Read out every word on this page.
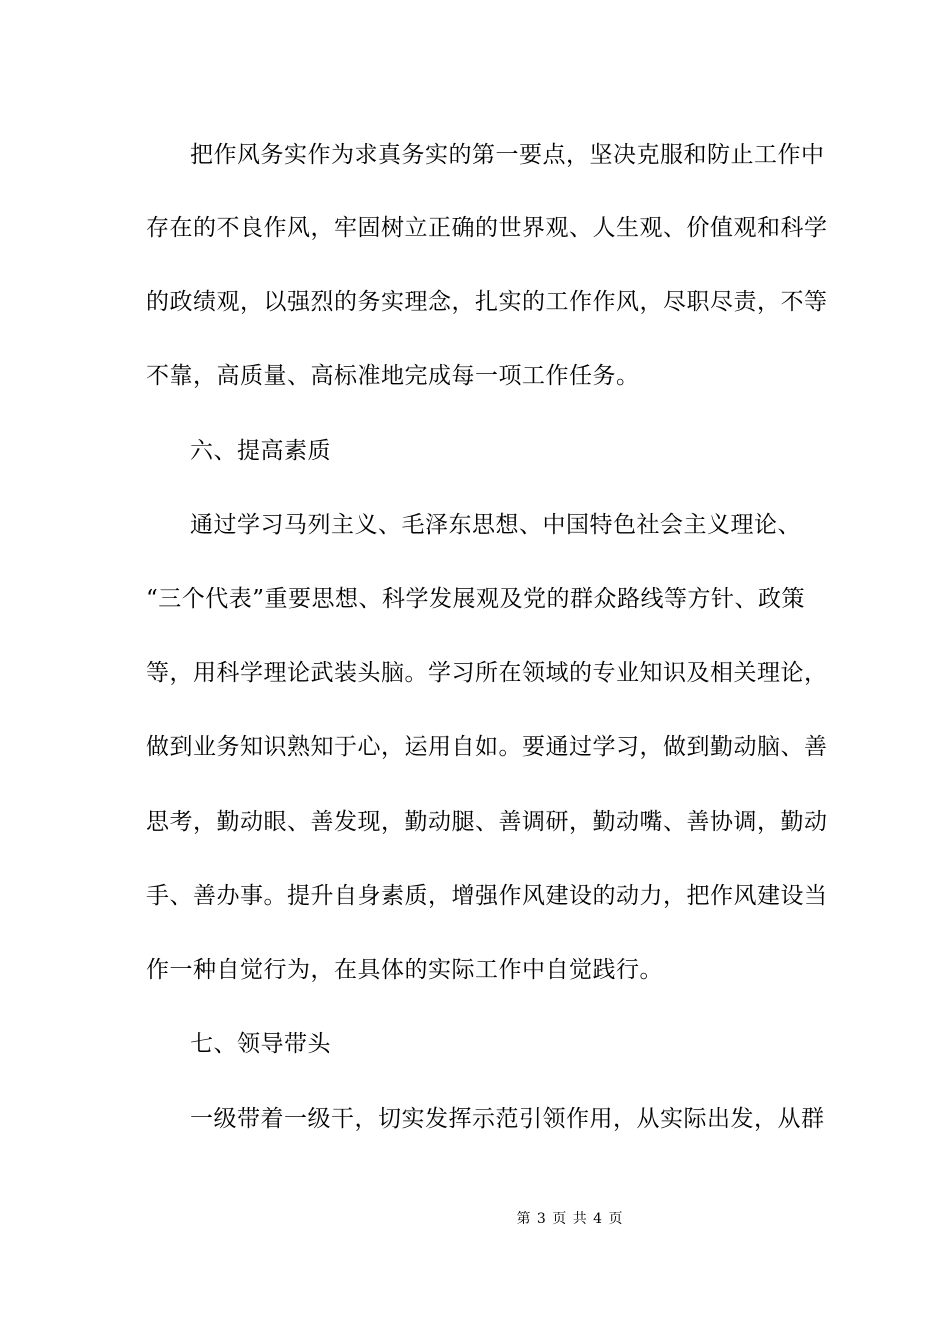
把作风务实作为求真务实的第一要点，坚决克服和防止工作中
存在的不良作风，牢固树立正确的世界观、人生观、价值观和科学
的政绩观，以强烈的务实理念，扎实的工作作风，尽职尽责，不等
不靠，高质量、高标准地完成每一项工作任务。
六、提高素质
通过学习马列主义、毛泽东思想、中国特色社会主义理论、
“三个代表”重要思想、科学发展观及党的群众路线等方针、政策
等，用科学理论武装头脑。学习所在领域的专业知识及相关理论，
做到业务知识熟知于心，运用自如。要通过学习，做到勤动脑、善
思考，勤动眼、善发现，勤动腿、善调研，勤动嘴、善协调，勤动
手、善办事。提升自身素质，增强作风建设的动力，把作风建设当
作一种自觉行为，在具体的实际工作中自觉践行。
七、领导带头
一级带着一级干，切实发挥示范引领作用，从实际出发，从群
第 3 页 共 4 页
